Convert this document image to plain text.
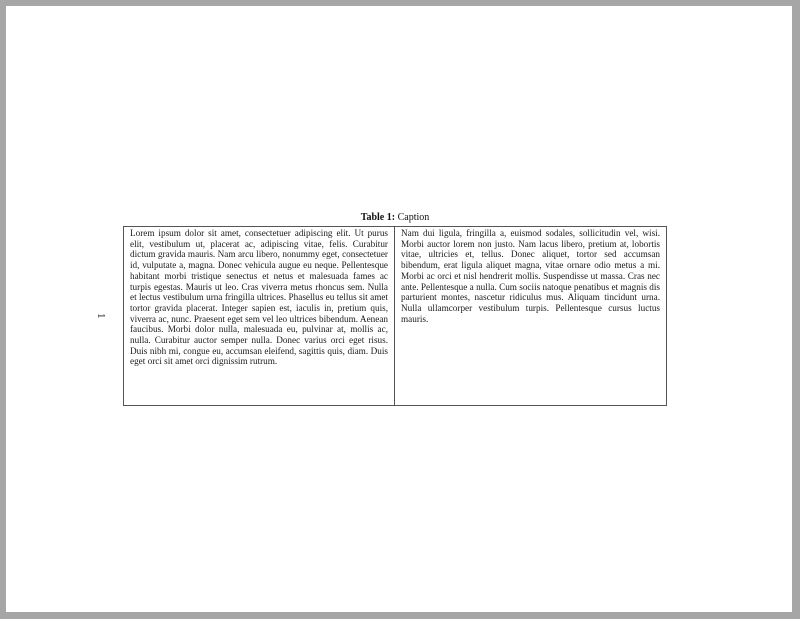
1
Table 1: Caption
Lorem ipsum dolor sit amet, consectetuer adipiscing elit. Ut purus elit, vestibulum ut, placerat ac, adipiscing vitae, felis. Curabitur dictum gravida mauris. Nam arcu libero, nonummy eget, consectetuer id, vulputate a, magna. Donec vehicula augue eu neque. Pellentesque habitant morbi tristique senectus et netus et malesuada fames ac turpis egestas. Mauris ut leo. Cras viverra metus rhoncus sem. Nulla et lectus vestibulum urna fringilla ultrices. Phasellus eu tellus sit amet tortor gravida placerat. Integer sapien est, iaculis in, pretium quis, viverra ac, nunc. Praesent eget sem vel leo ultrices bibendum. Aenean faucibus. Morbi dolor nulla, malesuada eu, pulvinar at, mollis ac, nulla. Curabitur auctor semper nulla. Donec varius orci eget risus. Duis nibh mi, congue eu, accumsan eleifend, sagittis quis, diam. Duis eget orci sit amet orci dignissim rutrum.
Nam dui ligula, fringilla a, euismod sodales, sollicitudin vel, wisi. Morbi auctor lorem non justo. Nam lacus libero, pretium at, lobortis vitae, ultricies et, tellus. Donec aliquet, tortor sed accumsan bibendum, erat ligula aliquet magna, vitae ornare odio metus a mi. Morbi ac orci et nisl hendrerit mollis. Suspendisse ut massa. Cras nec ante. Pellentesque a nulla. Cum sociis natoque penatibus et magnis dis parturient montes, nascetur ridiculus mus. Aliquam tincidunt urna. Nulla ullamcorper vestibulum turpis. Pellentesque cursus luctus mauris.
